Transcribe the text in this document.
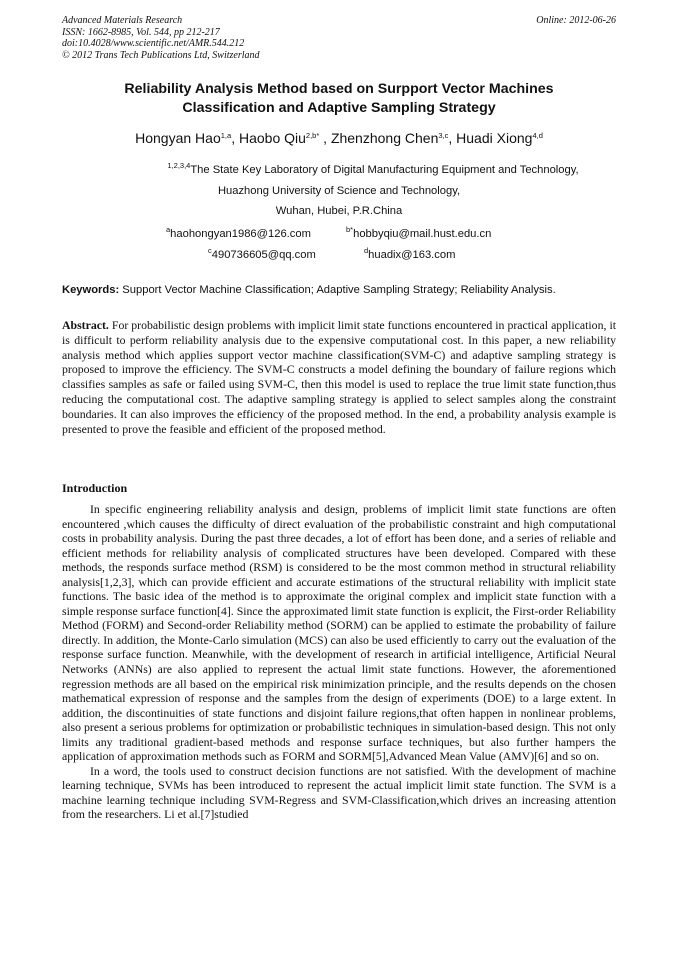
Advanced Materials Research
ISSN: 1662-8985, Vol. 544, pp 212-217
doi:10.4028/www.scientific.net/AMR.544.212
© 2012 Trans Tech Publications Ltd, Switzerland
Online: 2012-06-26
Reliability Analysis Method based on Surpport Vector Machines
Classification and Adaptive Sampling Strategy
Hongyan Hao$^{1,a}$, Haobo Qiu$^{2,b*}$ , Zhenzhong Chen$^{3,c}$, Huadi Xiong$^{4,d}$
$^{1,2,3,4}$The State Key Laboratory of Digital Manufacturing Equipment and Technology,
Huazhong University of Science and Technology,
Wuhan, Hubei, P.R.China
$^a$haohongyan1986@126.com	$^{b*}$hobbyqiu@mail.hust.edu.cn
$^c$490736605@qq.com	$^d$huadix@163.com
Keywords: Support Vector Machine Classification; Adaptive Sampling Strategy; Reliability Analysis.
Abstract. For probabilistic design problems with implicit limit state functions encountered in practical application, it is difficult to perform reliability analysis due to the expensive computational cost. In this paper, a new reliability analysis method which applies support vector machine classification(SVM-C) and adaptive sampling strategy is proposed to improve the efficiency. The SVM-C constructs a model defining the boundary of failure regions which classifies samples as safe or failed using SVM-C, then this model is used to replace the true limit state function,thus reducing the computational cost. The adaptive sampling strategy is applied to select samples along the constraint boundaries. It can also improves the efficiency of the proposed method. In the end, a probability analysis example is presented to prove the feasible and efficient of the proposed method.
Introduction

In specific engineering reliability analysis and design, problems of implicit limit state functions are often encountered ,which causes the difficulty of direct evaluation of the probabilistic constraint and high computational costs in probability analysis. During the past three decades, a lot of effort has been done, and a series of reliable and efficient methods for reliability analysis of complicated structures have been developed. Compared with these methods, the responds surface method (RSM) is considered to be the most common method in structural reliability analysis[1,2,3], which can provide efficient and accurate estimations of the structural reliability with implicit state functions. The basic idea of the method is to approximate the original complex and implicit state function with a simple response surface function[4]. Since the approximated limit state function is explicit, the First-order Reliability Method (FORM) and Second-order Reliability method (SORM) can be applied to estimate the probability of failure directly. In addition, the Monte-Carlo simulation (MCS) can also be used efficiently to carry out the evaluation of the response surface function. Meanwhile, with the development of research in artificial intelligence, Artificial Neural Networks (ANNs) are also applied to represent the actual limit state functions. However, the aforementioned regression methods are all based on the empirical risk minimization principle, and the results depends on the chosen mathematical expression of response and the samples from the design of experiments (DOE) to a large extent. In addition, the discontinuities of state functions and disjoint failure regions,that often happen in nonlinear problems, also present a serious problems for optimization or probabilistic techniques in simulation-based design. This not only limits any traditional gradient-based methods and response surface techniques, but also further hampers the application of approximation methods such as FORM and SORM[5],Advanced Mean Value (AMV)[6] and so on.

In a word, the tools used to construct decision functions are not satisfied. With the development of machine learning technique, SVMs has been introduced to represent the actual implicit limit state function. The SVM is a machine learning technique including SVM-Regress and SVM-Classification,which drives an increasing attention from the researchers. Li et al.[7]studied
